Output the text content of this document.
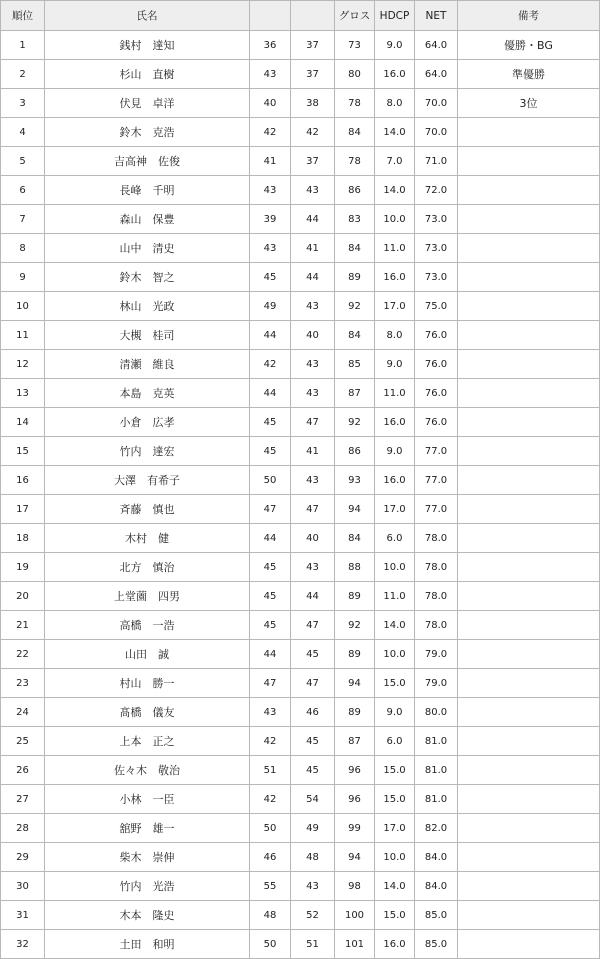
順位	氏名			グロス	HDCP	NET	備考
1	銭村　達知	36	37	73	9.0	64.0	優勝・BG
2	杉山　直樹	43	37	80	16.0	64.0	準優勝
3	伏見　卓洋	40	38	78	8.0	70.0	3位
4	鈴木　克浩	42	42	84	14.0	70.0	
5	吉高神　佐俊	41	37	78	7.0	71.0	
6	長峰　千明	43	43	86	14.0	72.0	
7	森山　保豊	39	44	83	10.0	73.0	
8	山中　清史	43	41	84	11.0	73.0	
9	鈴木　智之	45	44	89	16.0	73.0	
10	林山　光政	49	43	92	17.0	75.0	
11	大槻　桂司	44	40	84	8.0	76.0	
12	清瀬　維良	42	43	85	9.0	76.0	
13	本島　克英	44	43	87	11.0	76.0	
14	小倉　広孝	45	47	92	16.0	76.0	
15	竹内　達宏	45	41	86	9.0	77.0	
16	大澤　有希子	50	43	93	16.0	77.0	
17	斉藤　慎也	47	47	94	17.0	77.0	
18	木村　健	44	40	84	6.0	78.0	
19	北方　慎治	45	43	88	10.0	78.0	
20	上堂薗　四男	45	44	89	11.0	78.0	
21	高橋　一浩	45	47	92	14.0	78.0	
22	山田　誠	44	45	89	10.0	79.0	
23	村山　勝一	47	47	94	15.0	79.0	
24	髙橋　儀友	43	46	89	9.0	80.0	
25	上本　正之	42	45	87	6.0	81.0	
26	佐々木　敬治	51	45	96	15.0	81.0	
27	小林　一臣	42	54	96	15.0	81.0	
28	舘野　雄一	50	49	99	17.0	82.0	
29	柴木　崇伸	46	48	94	10.0	84.0	
30	竹内　光浩	55	43	98	14.0	84.0	
31	木本　隆史	48	52	100	15.0	85.0	
32	土田　和明	50	51	101	16.0	85.0	
